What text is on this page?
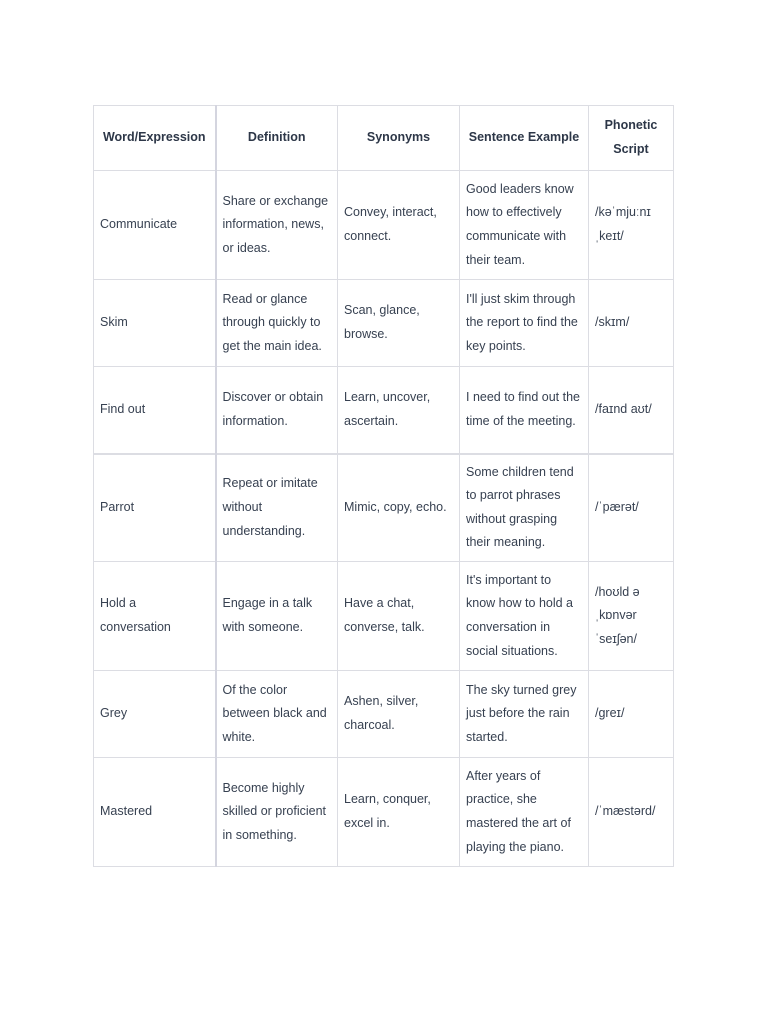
Word/Expression	Definition	Synonyms	Sentence Example	Phonetic Script
Communicate	Share or exchange information, news, or ideas.	Convey, interact, connect.	Good leaders know how to effectively communicate with their team.	/kəˈmjuːnɪˌkeɪt/
Skim	Read or glance through quickly to get the main idea.	Scan, glance, browse.	I'll just skim through the report to find the key points.	/skɪm/
Find out	Discover or obtain information.	Learn, uncover, ascertain.	I need to find out the time of the meeting.	/faɪnd aʊt/
Parrot	Repeat or imitate without understanding.	Mimic, copy, echo.	Some children tend to parrot phrases without grasping their meaning.	/ˈpærət/
Hold a conversation	Engage in a talk with someone.	Have a chat, converse, talk.	It's important to know how to hold a conversation in social situations.	/hoʊld ə ˌkɒnvərˈseɪʃən/
Grey	Of the color between black and white.	Ashen, silver, charcoal.	The sky turned grey just before the rain started.	/ɡreɪ/
Mastered	Become highly skilled or proficient in something.	Learn, conquer, excel in.	After years of practice, she mastered the art of playing the piano.	/ˈmæstərd/
